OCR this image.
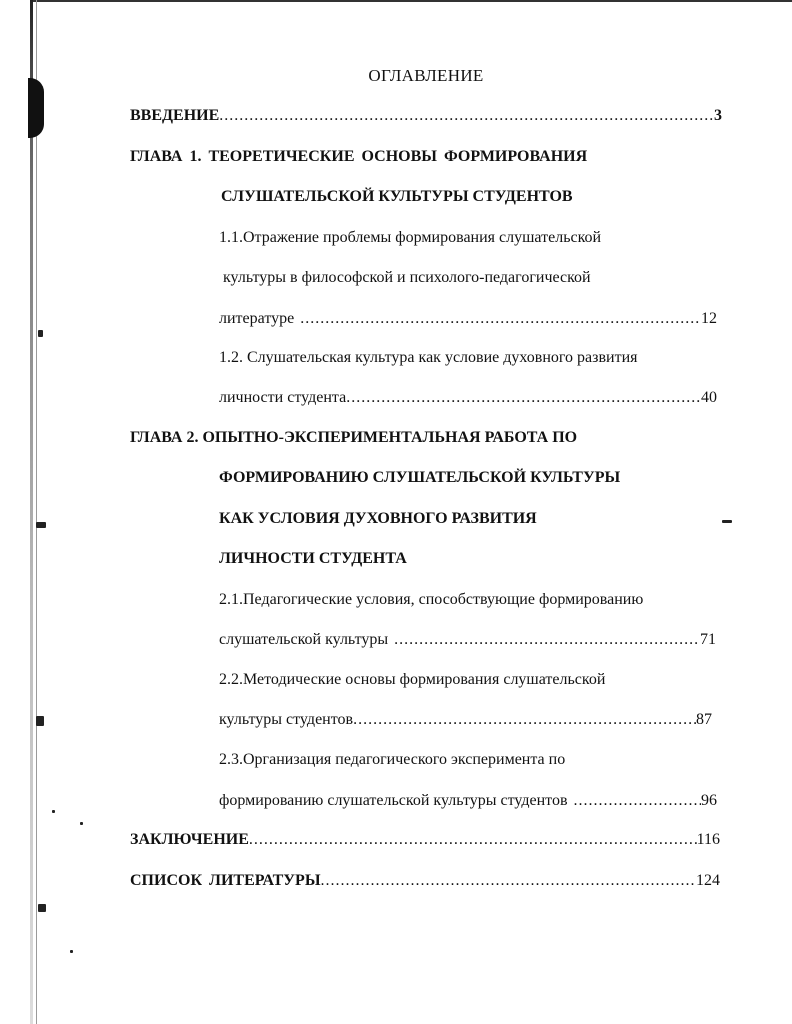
ОГЛАВЛЕНИЕ
ВВЕДЕНИЕ .....	3
ГЛАВА 1. ТЕОРЕТИЧЕСКИЕ ОСНОВЫ ФОРМИРОВАНИЯ
СЛУШАТЕЛЬСКОЙ КУЛЬТУРЫ СТУДЕНТОВ
1.1.Отражение проблемы формирования слушательской
культуры в философской и психолого-педагогической
литературе .....	12
1.2. Слушательская культура как условие духовного развития
личности студента .....	40
ГЛАВА 2. ОПЫТНО-ЭКСПЕРИМЕНТАЛЬНАЯ РАБОТА ПО
ФОРМИРОВАНИЮ СЛУШАТЕЛЬСКОЙ КУЛЬТУРЫ
КАК УСЛОВИЯ ДУХОВНОГО РАЗВИТИЯ
ЛИЧНОСТИ СТУДЕНТА
2.1.Педагогические условия, способствующие формированию
слушательской культуры .....	71
2.2.Методические основы формирования слушательской
культуры студентов .....	87
2.3.Организация педагогического эксперимента по
формированию слушательской культуры студентов .....	96
ЗАКЛЮЧЕНИЕ .....	116
СПИСОК ЛИТЕРАТУРЫ .....	124
